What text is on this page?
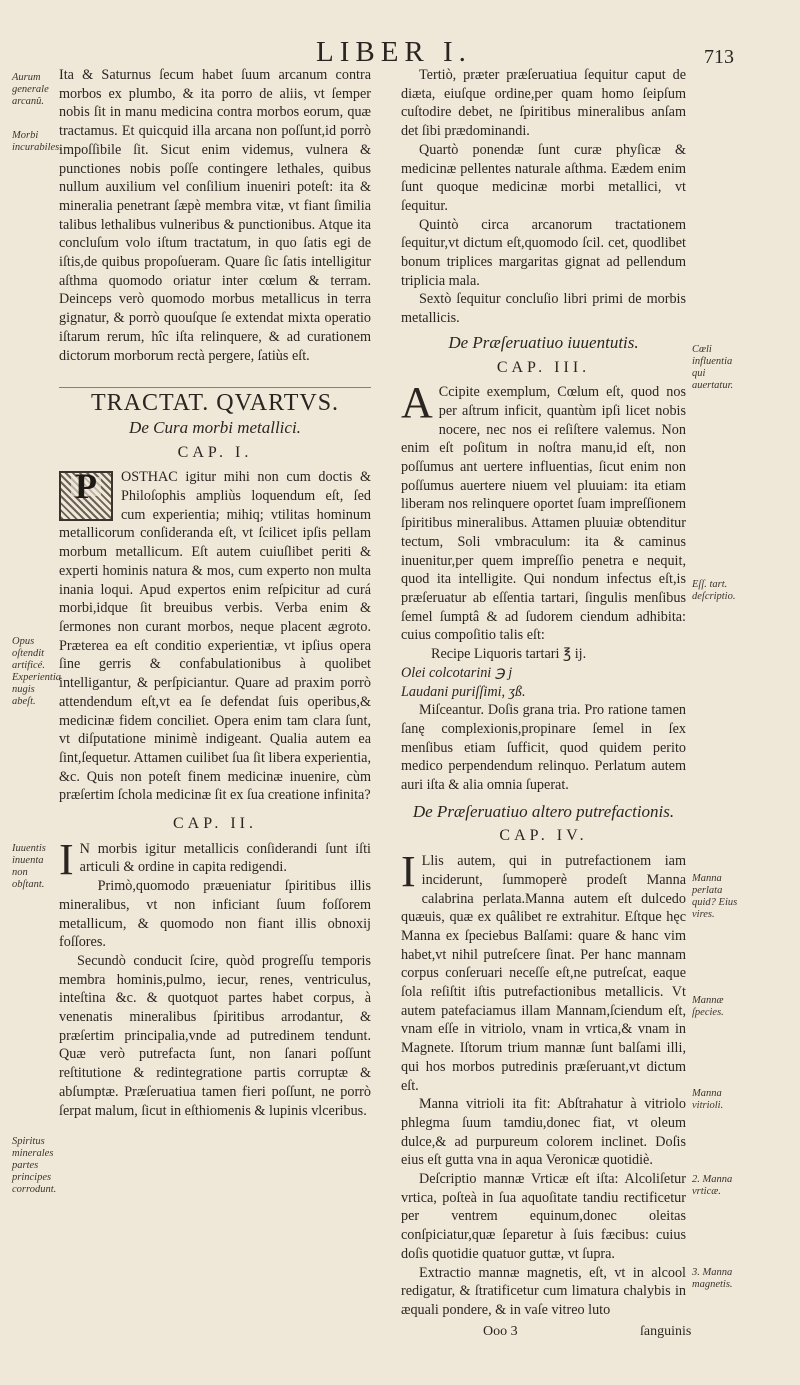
LIBER I.	713
Aurum generale arcanû.
Morbi incurabiles.
Opus oſtendit artificé. Experientia nugis abeſt.
Iuuentis inuenta non obſtant.
Spiritus minerales partes principes corrodunt.
Cœli influentia qui auertatur.
Eſſ. tart. deſcriptio.
Manna perlata quid? Eius vires.
Mannæ ſpecies.
Manna vitrioli.
2. Manna vrticæ.
3. Manna magnetis.

Ita & Saturnus ſecum habet ſuum arcanum contra morbos ex plumbo, & ita porro de aliis, vt ſemper nobis ſit in manu medicina contra morbos eorum, quæ tractamus. Et quicquid illa arcana non poſſunt,id porrò impoſſibile ſit. Sicut enim videmus, vulnera & punctiones nobis poſſe contingere lethales, quibus nullum auxilium vel conſilium inueniri poteſt: ita & mineralia penetrant ſæpè membra vitæ, vt fiant ſimilia talibus lethalibus vulneribus & punctionibus. Atque ita concluſum volo iſtum tractatum, in quo ſatis egi de iſtis,de quibus propoſueram. Quare ſic ſatis intelligitur aſthma quomodo oriatur inter cœlum & terram. Deinceps verò quomodo morbus metallicus in terra gignatur, & porrò quouſque ſe extendat mixta operatio iſtarum rerum, hîc iſta relinquere, & ad curationem dictorum morborum rectà pergere, ſatiùs eſt.

TRACTAT. QVARTVS.
De Cura morbi metallici.
CAP. I.

P OSTHAC igitur mihi non cum doctis & Philoſophis ampliùs loquendum eſt, ſed cum experientia; mihiq; vtilitas hominum metallicorum conſideranda eſt, vt ſcilicet ipſis pellam morbum metallicum. Eſt autem cuiuſlibet periti & experti hominis natura & mos, cum experto non multa inania loqui. Apud expertos enim reſpicitur ad curá morbi,idque ſit breuibus verbis. Verba enim & ſermones non curant morbos, neque placent ægroto. Præterea ea eſt conditio experientiæ, vt ipſius opera ſine gerris & confabulationibus à quolibet intelligantur, & perſpiciantur. Quare ad praxim porrò attendendum eſt,vt ea ſe defendat ſuis operibus,& medicinæ fidem conciliet. Opera enim tam clara ſunt, vt diſputatione minimè indigeant. Qualia autem ea ſint,ſequetur. Attamen cuilibet ſua ſit libera experientia, &c. Quis non poteſt finem medicinæ inuenire, cùm præſertim ſchola medicinæ ſit ex ſua creatione infinita?

CAP. II.

IN morbis igitur metallicis conſiderandi ſunt iſti articuli & ordine in capita redigendi.

Primò,quomodo præueniatur ſpiritibus illis mineralibus, vt non inficiant ſuum foſſorem metallicum, & quomodo non fiant illis obnoxij foſſores.

Secundò conducit ſcire, quòd progreſſu temporis membra hominis,pulmo, iecur, renes, ventriculus, inteſtina &c. & quotquot partes habet corpus, à venenatis mineralibus ſpiritibus arrodantur, & præſertim principalia,vnde ad putredinem tendunt. Quæ verò putrefacta ſunt, non ſanari poſſunt reſtitutione & redintegratione partis corruptæ & abſumptæ. Præſeruatiua tamen fieri poſſunt, ne porrò ſerpat malum, ſicut in eſthiomenis & lupinis vlceribus.

Tertiò, præter præſeruatiua ſequitur caput de diæta, eiuſque ordine,per quam homo ſeipſum cuſtodire debet, ne ſpiritibus mineralibus anſam det ſibi prædominandi.

Quartò ponendæ ſunt curæ phyſicæ & medicinæ pellentes naturale aſthma. Eædem enim ſunt quoque medicinæ morbi metallici, vt ſequitur.

Quintò circa arcanorum tractationem ſequitur,vt dictum eſt,quomodo ſcil. cet, quodlibet bonum triplices margaritas gignat ad pellendum triplicia mala.

Sextò ſequitur concluſio libri primi de morbis metallicis.

De Præſeruatiuo iuuentutis.
CAP. III.

ACcipite exemplum, Cœlum eſt, quod nos per aſtrum inficit, quantùm ipſi licet nobis nocere, nec nos ei reſiſtere valemus. Non enim eſt poſitum in noſtra manu,id eſt, non poſſumus ant uertere influentias, ſicut enim non poſſumus auertere niuem vel pluuiam: ita etiam liberam nos relinquere oportet ſuam impreſſionem ſpiritibus mineralibus. Attamen pluuiæ obtenditur tectum, Soli vmbraculum: ita & caminus inuenitur,per quem impreſſio penetra e nequit, quod ita intelligite. Qui nondum infectus eſt,is præſeruatur ab eſſentia tartari, ſingulis menſibus ſemel ſumptâ & ad ſudorem ciendum adhibita: cuius compoſitio talis eſt:

Recipe Liquoris tartari ℥ ij.

Olei colcotarini ℈ j

Laudani puriſſimi, ʒß.

Miſceantur. Doſis grana tria. Pro ratione tamen ſanę complexionis,propinare ſemel in ſex menſibus etiam ſufficit, quod quidem perito medico perpendendum relinquo. Perlatum autem auri iſta & alia omnia ſuperat.

De Præſeruatiuo altero putrefactionis.
CAP. IV.

ILlis autem, qui in putrefactionem iam inciderunt, ſummoperè prodeſt Manna calabrina perlata.Manna autem eſt dulcedo quæuis, quæ ex quâlibet re extrahitur. Eſtque hęc Manna ex ſpeciebus Balſami: quare & hanc vim habet,vt nihil putreſcere ſinat. Per hanc mannam corpus conſeruari neceſſe eſt,ne putreſcat, eaque ſola reſiſtit iſtis putrefactionibus metallicis. Vt autem patefaciamus illam Mannam,ſciendum eſt, vnam eſſe in vitriolo, vnam in vrtica,& vnam in Magnete. Iſtorum trium mannæ ſunt balſami illi, qui hos morbos putredinis præſeruant,vt dictum eſt.

Manna vitrioli ita fit: Abſtrahatur à vitriolo phlegma ſuum tamdiu,donec fiat, vt oleum dulce,& ad purpureum colorem inclinet. Doſis eius eſt gutta vna in aqua Veronicæ quotidiè.

Deſcriptio mannæ Vrticæ eſt iſta: Alcoliſetur vrtica, poſteà in ſua aquoſitate tandiu rectificetur per ventrem equinum,donec oleitas conſpiciatur,quæ ſeparetur à ſuis fæcibus: cuius doſis quotidie quatuor guttæ, vt ſupra.

Extractio mannæ magnetis, eſt, vt in alcool redigatur, & ſtratificetur cum limatura chalybis in æquali pondere, & in vaſe vitreo luto

Ooo 3	ſanguinis
